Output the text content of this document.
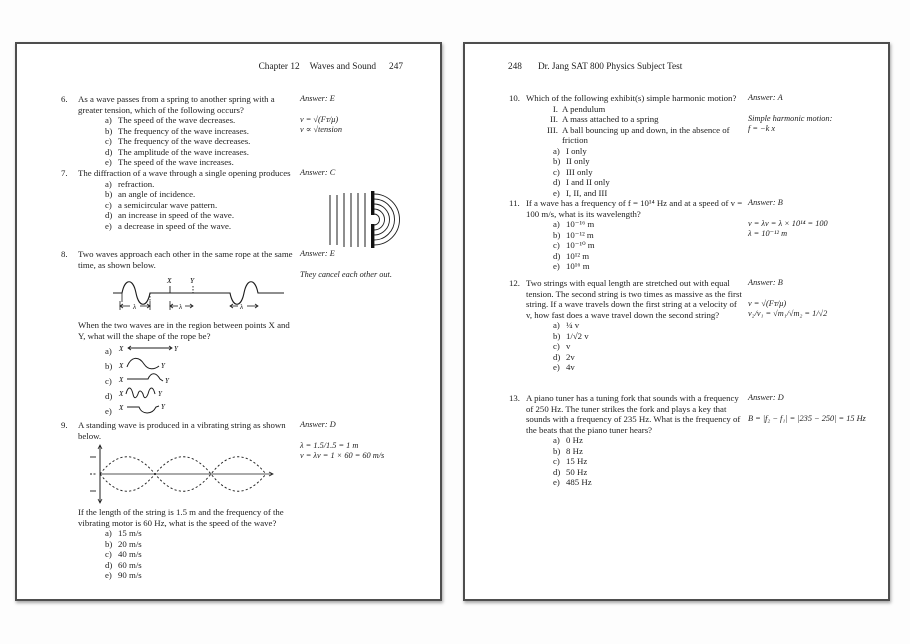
Chapter 12 Waves and Sound 247
6.	As a wave passes from a spring to another spring with a greater tension, which of the following occurs?
a) The speed of the wave decreases.
b) The frequency of the wave increases.
c) The frequency of the wave decreases.
d) The amplitude of the wave increases.
e) The speed of the wave increases.
Answer: E
v = √(Fᴛ/μ)
v ∝ √tension
7.	The diffraction of a wave through a single opening produces
a) refraction.
b) an angle of incidence.
c) a semicircular wave pattern.
d) an increase in speed of the wave.
e) a decrease in speed of the wave.
Answer: C
8.	Two waves approach each other in the same rope at the same time, as shown below.
X Y
λ	λ	λ
When the two waves are in the region between points X and Y, what will the shape of the rope be?
a)	X	Y
b) X	Y
c)	X	Y
d) X	Y
e)	X	Y
Answer: E
They cancel each other out.
9.	A standing wave is produced in a vibrating string as shown below.
If the length of the string is 1.5 m and the frequency of the vibrating motor is 60 Hz, what is the speed of the wave?
a) 15 m/s
b) 20 m/s
c) 40 m/s
d) 60 m/s
e) 90 m/s
Answer: D
λ = 1.5/1.5 = 1 m
v = λν = 1 × 60 = 60 m/s
248 Dr. Jang SAT 800 Physics Subject Test
10. Which of the following exhibit(s) simple harmonic motion?
I. A pendulum
II. A mass attached to a spring
III. A ball bouncing up and down, in the absence of friction
a) I only
b) II only
c) III only
d) I and II only
e) I, II, and III
Answer: A
Simple harmonic motion:
f = −k x
11. If a wave has a frequency of f = 10¹⁴ Hz and at a speed of v = 100 m/s, what is its wavelength?
a) 10⁻¹⁶ m
b) 10⁻¹² m
c) 10⁻¹⁰ m
d) 10¹² m
e) 10¹⁶ m
Answer: B
v = λν = λ × 10¹⁴ = 100
λ = 10⁻¹² m
12. Two strings with equal length are stretched out with equal tension. The second string is two times as massive as the first string. If a wave travels down the first string at a velocity of v, how fast does a wave travel down the second string?
a) ¼ v
b) 1/√2 v
c) v
d) 2v
e) 4v
Answer: B
v = √(Fᴛ/μ)
v₂/v₁ = √m₁/√m₂ = 1/√2
13. A piano tuner has a tuning fork that sounds with a frequency of 250 Hz. The tuner strikes the fork and plays a key that sounds with a frequency of 235 Hz. What is the frequency of the beats that the piano tuner hears?
a) 0 Hz
b) 8 Hz
c) 15 Hz
d) 50 Hz
e) 485 Hz
Answer: D
B = |f₂ − f₁| = |235 − 250| = 15 Hz
